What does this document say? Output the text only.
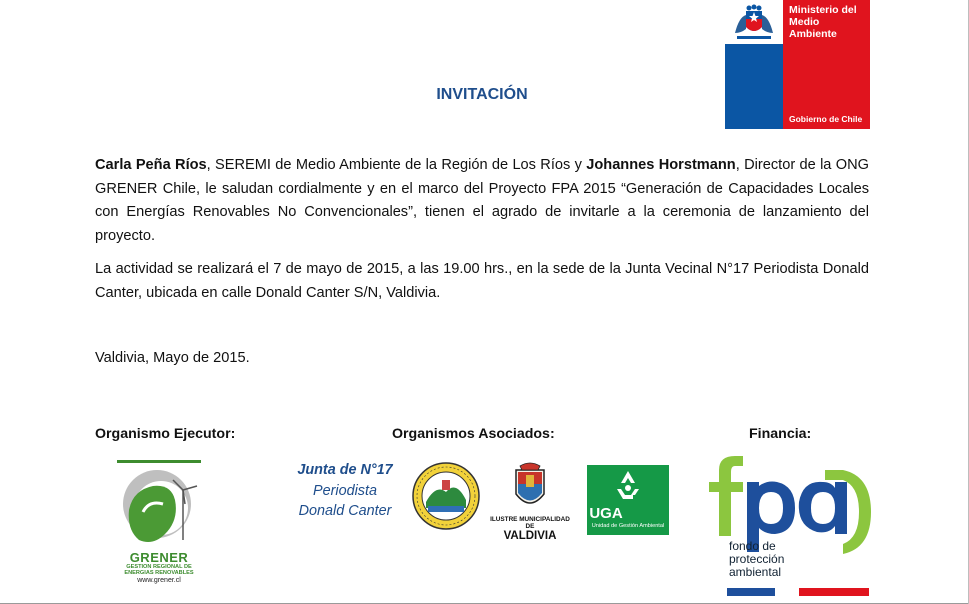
Ministerio del Medio Ambiente
Gobierno de Chile
INVITACIÓN
Carla Peña Ríos, SEREMI de Medio Ambiente de la Región de Los Ríos y Johannes Horstmann, Director de la ONG GRENER Chile, le saludan cordialmente y en el marco del Proyecto FPA 2015 “Generación de Capacidades Locales con Energías Renovables No Convencionales”, tienen el agrado de invitarle a la ceremonia de lanzamiento del proyecto.
La actividad se realizará el 7 de mayo de 2015, a las 19.00 hrs., en la sede de la Junta Vecinal N°17 Periodista Donald Canter, ubicada en calle Donald Canter S/N, Valdivia.
Valdivia, Mayo de 2015.
Organismo Ejecutor:	Organismos Asociados:	Financia:
GRENER
GESTION REGIONAL DE ENERGIAS RENOVABLES
www.grener.cl
Junta de N°17
Periodista
Donald Canter
ILUSTRE MUNICIPALIDAD DE
VALDIVIA
UGA
Unidad de Gestión Ambiental
fondo de
protección
ambiental
